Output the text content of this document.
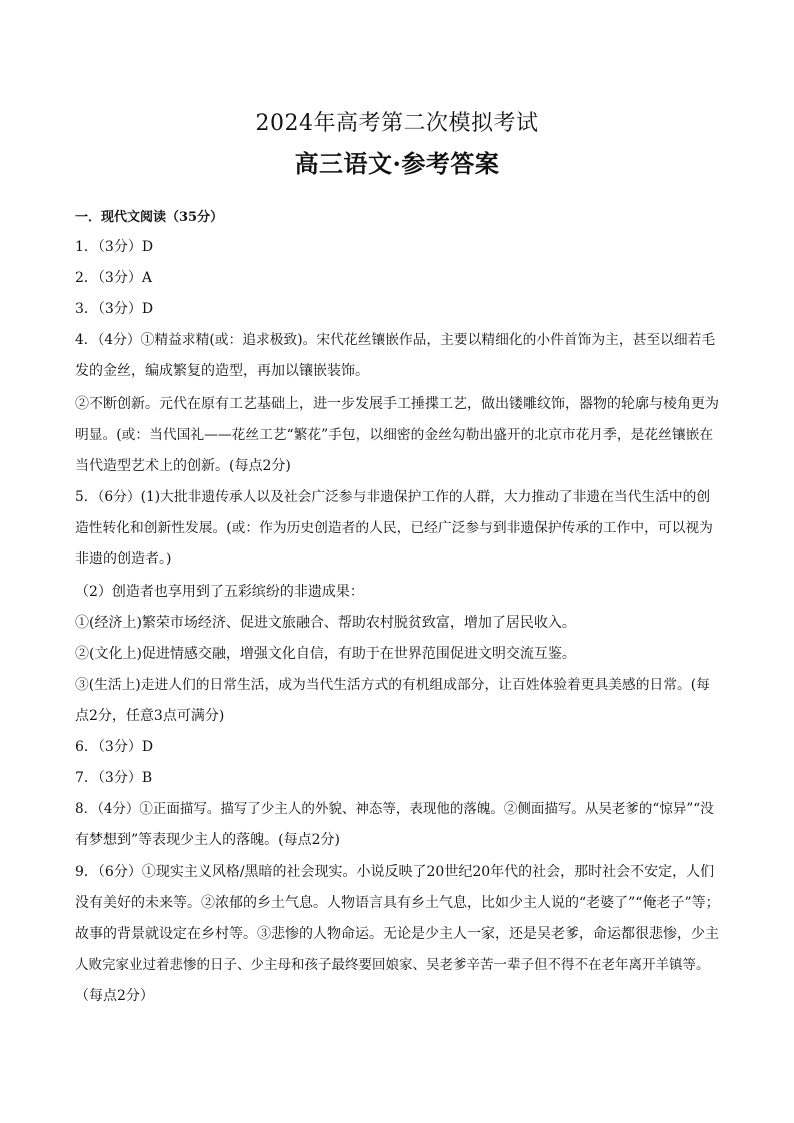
2024年高考第二次模拟考试
高三语文·参考答案
一．现代文阅读（35分）
1．（3分）D
2．（3分）A
3．（3分）D
4．（4分）①精益求精(或：追求极致)。宋代花丝镶嵌作品，主要以精细化的小件首饰为主，甚至以细若毛
发的金丝，编成繁复的造型，再加以镶嵌装饰。
②不断创新。元代在原有工艺基础上，进一步发展手工捶揲工艺，做出镂雕纹饰，器物的轮廓与棱角更为
明显。(或：当代国礼——花丝工艺“繁花”手包，以细密的金丝勾勒出盛开的北京市花月季，是花丝镶嵌在
当代造型艺术上的创新。(每点2分)
5．（6分）(1)大批非遗传承人以及社会广泛参与非遗保护工作的人群，大力推动了非遗在当代生活中的创
造性转化和创新性发展。(或：作为历史创造者的人民，已经广泛参与到非遗保护传承的工作中，可以视为
非遗的创造者。)
（2）创造者也享用到了五彩缤纷的非遗成果：
①(经济上)繁荣市场经济、促进文旅融合、帮助农村脱贫致富，增加了居民收入。
②(文化上)促进情感交融，增强文化自信，有助于在世界范围促进文明交流互鉴。
③(生活上)走进人们的日常生活，成为当代生活方式的有机组成部分，让百姓体验着更具美感的日常。(每
点2分，任意3点可满分)
6．（3分）D
7．（3分）B
8．（4分）①正面描写。描写了少主人的外貌、神态等，表现他的落魄。②侧面描写。从吴老爹的“惊异”“没
有梦想到”等表现少主人的落魄。(每点2分)
9．（6分）①现实主义风格/黑暗的社会现实。小说反映了20世纪20年代的社会，那时社会不安定，人们
没有美好的未来等。②浓郁的乡土气息。人物语言具有乡土气息，比如少主人说的“老婆了”“俺老子”等；
故事的背景就设定在乡村等。③悲惨的人物命运。无论是少主人一家，还是吴老爹，命运都很悲惨，少主
人败完家业过着悲惨的日子、少主母和孩子最终要回娘家、吴老爹辛苦一辈子但不得不在老年离开羊镇等。
（每点2分）
